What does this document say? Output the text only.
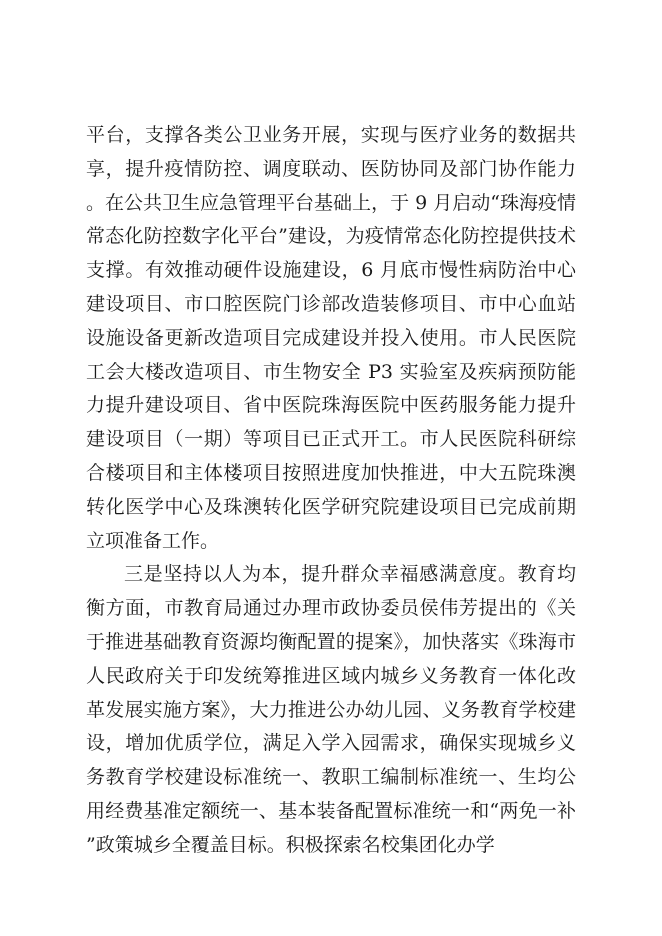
平台，支撑各类公卫业务开展，实现与医疗业务的数据共享，提升疫情防控、调度联动、医防协同及部门协作能力。在公共卫生应急管理平台基础上，于 9 月启动“珠海疫情常态化防控数字化平台”建设，为疫情常态化防控提供技术支撑。有效推动硬件设施建设，6 月底市慢性病防治中心建设项目、市口腔医院门诊部改造装修项目、市中心血站设施设备更新改造项目完成建设并投入使用。市人民医院工会大楼改造项目、市生物安全 P3 实验室及疾病预防能力提升建设项目、省中医院珠海医院中医药服务能力提升建设项目（一期）等项目已正式开工。市人民医院科研综合楼项目和主体楼项目按照进度加快推进，中大五院珠澳转化医学中心及珠澳转化医学研究院建设项目已完成前期立项准备工作。

三是坚持以人为本，提升群众幸福感满意度。教育均衡方面，市教育局通过办理市政协委员侯伟芳提出的《关于推进基础教育资源均衡配置的提案》，加快落实《珠海市人民政府关于印发统筹推进区域内城乡义务教育一体化改革发展实施方案》，大力推进公办幼儿园、义务教育学校建设，增加优质学位，满足入学入园需求，确保实现城乡义务教育学校建设标准统一、教职工编制标准统一、生均公用经费基准定额统一、基本装备配置标准统一和“两免一补”政策城乡全覆盖目标。积极探索名校集团化办学
